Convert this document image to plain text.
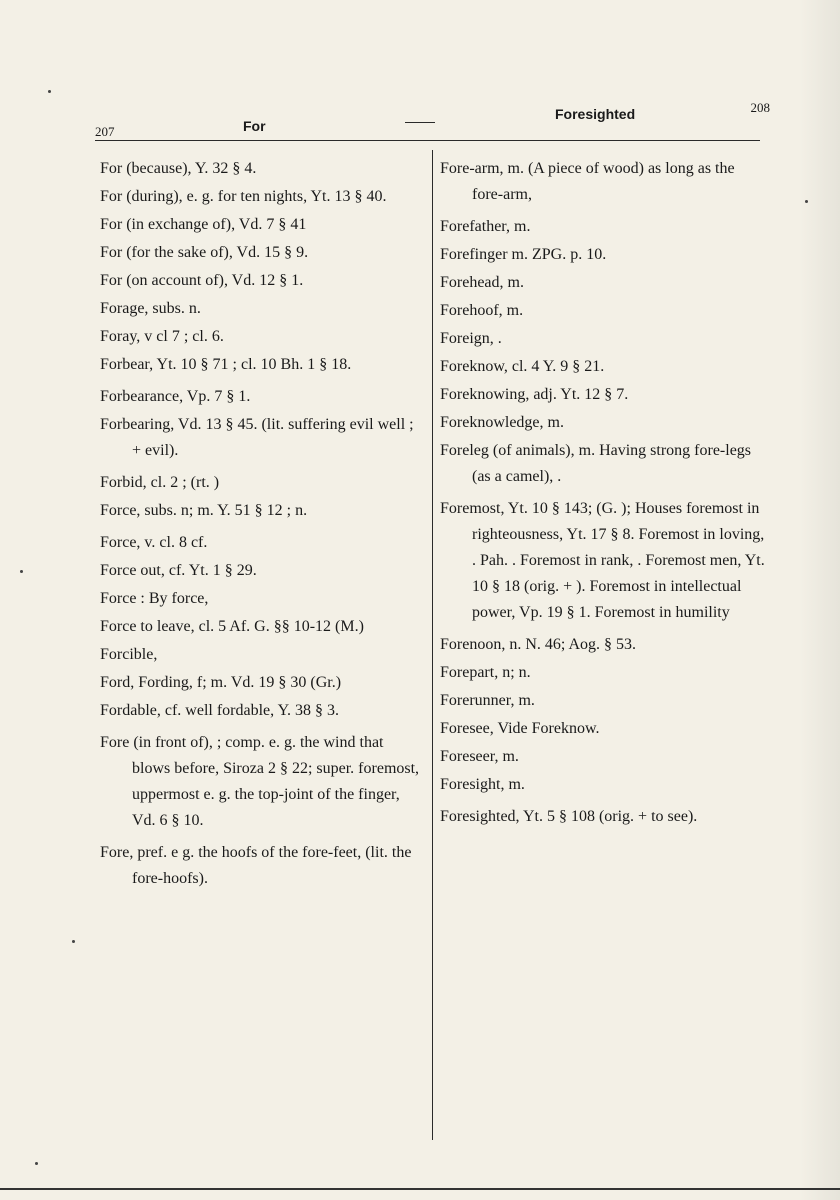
207	For
Foresighted	208
For (because), Y. 32 § 4.
For (during), e. g. for ten nights, Yt. 13 § 40.
For (in exchange of), Vd. 7 § 41
For (for the sake of), Vd. 15 § 9.
For (on account of), Vd. 12 § 1.
Forage, subs. n.
Foray, v cl 7 ; cl. 6.
Forbear, Yt. 10 § 71 ; cl. 10 Bh. 1 § 18.
Forbearance, Vp. 7 § 1.
Forbearing, Vd. 13 § 45. (lit. suffering evil well ; + evil).
Forbid, cl. 2 ; (rt. )
Force, subs. n; m. Y. 51 § 12 ; n.
Force, v. cl. 8 cf.
Force out, cf. Yt. 1 § 29.
Force : By force,
Force to leave, cl. 5 Af. G. §§ 10-12 (M.)
Forcible,
Ford, Fording, f; m. Vd. 19 § 30 (Gr.)
Fordable, cf. well fordable, Y. 38 § 3.
Fore (in front of), ; comp. e. g. the wind that blows before, Siroza 2 § 22; super. foremost, uppermost e. g. the top-joint of the finger, Vd. 6 § 10.
Fore, pref. e g. the hoofs of the fore-feet, (lit. the fore-hoofs).
Fore-arm, m. (A piece of wood) as long as the fore-arm,
Forefather, m.
Forefinger m. ZPG. p. 10.
Forehead, m.
Forehoof, m.
Foreign, .
Foreknow, cl. 4 Y. 9 § 21.
Foreknowing, adj. Yt. 12 § 7.
Foreknowledge, m.
Foreleg (of animals), m. Having strong fore-legs (as a camel), .
Foremost, Yt. 10 § 143; (G. ); Houses foremost in righteousness, Yt. 17 § 8. Foremost in loving, . Pah. . Foremost in rank, . Foremost men, Yt. 10 § 18 (orig. + ). Foremost in intellectual power, Vp. 19 § 1. Foremost in humility
Forenoon, n. N. 46; Aog. § 53.
Forepart, n; n.
Forerunner, m.
Foresee, Vide Foreknow.
Foreseer, m.
Foresight, m.
Foresighted, Yt. 5 § 108 (orig. + to see).
